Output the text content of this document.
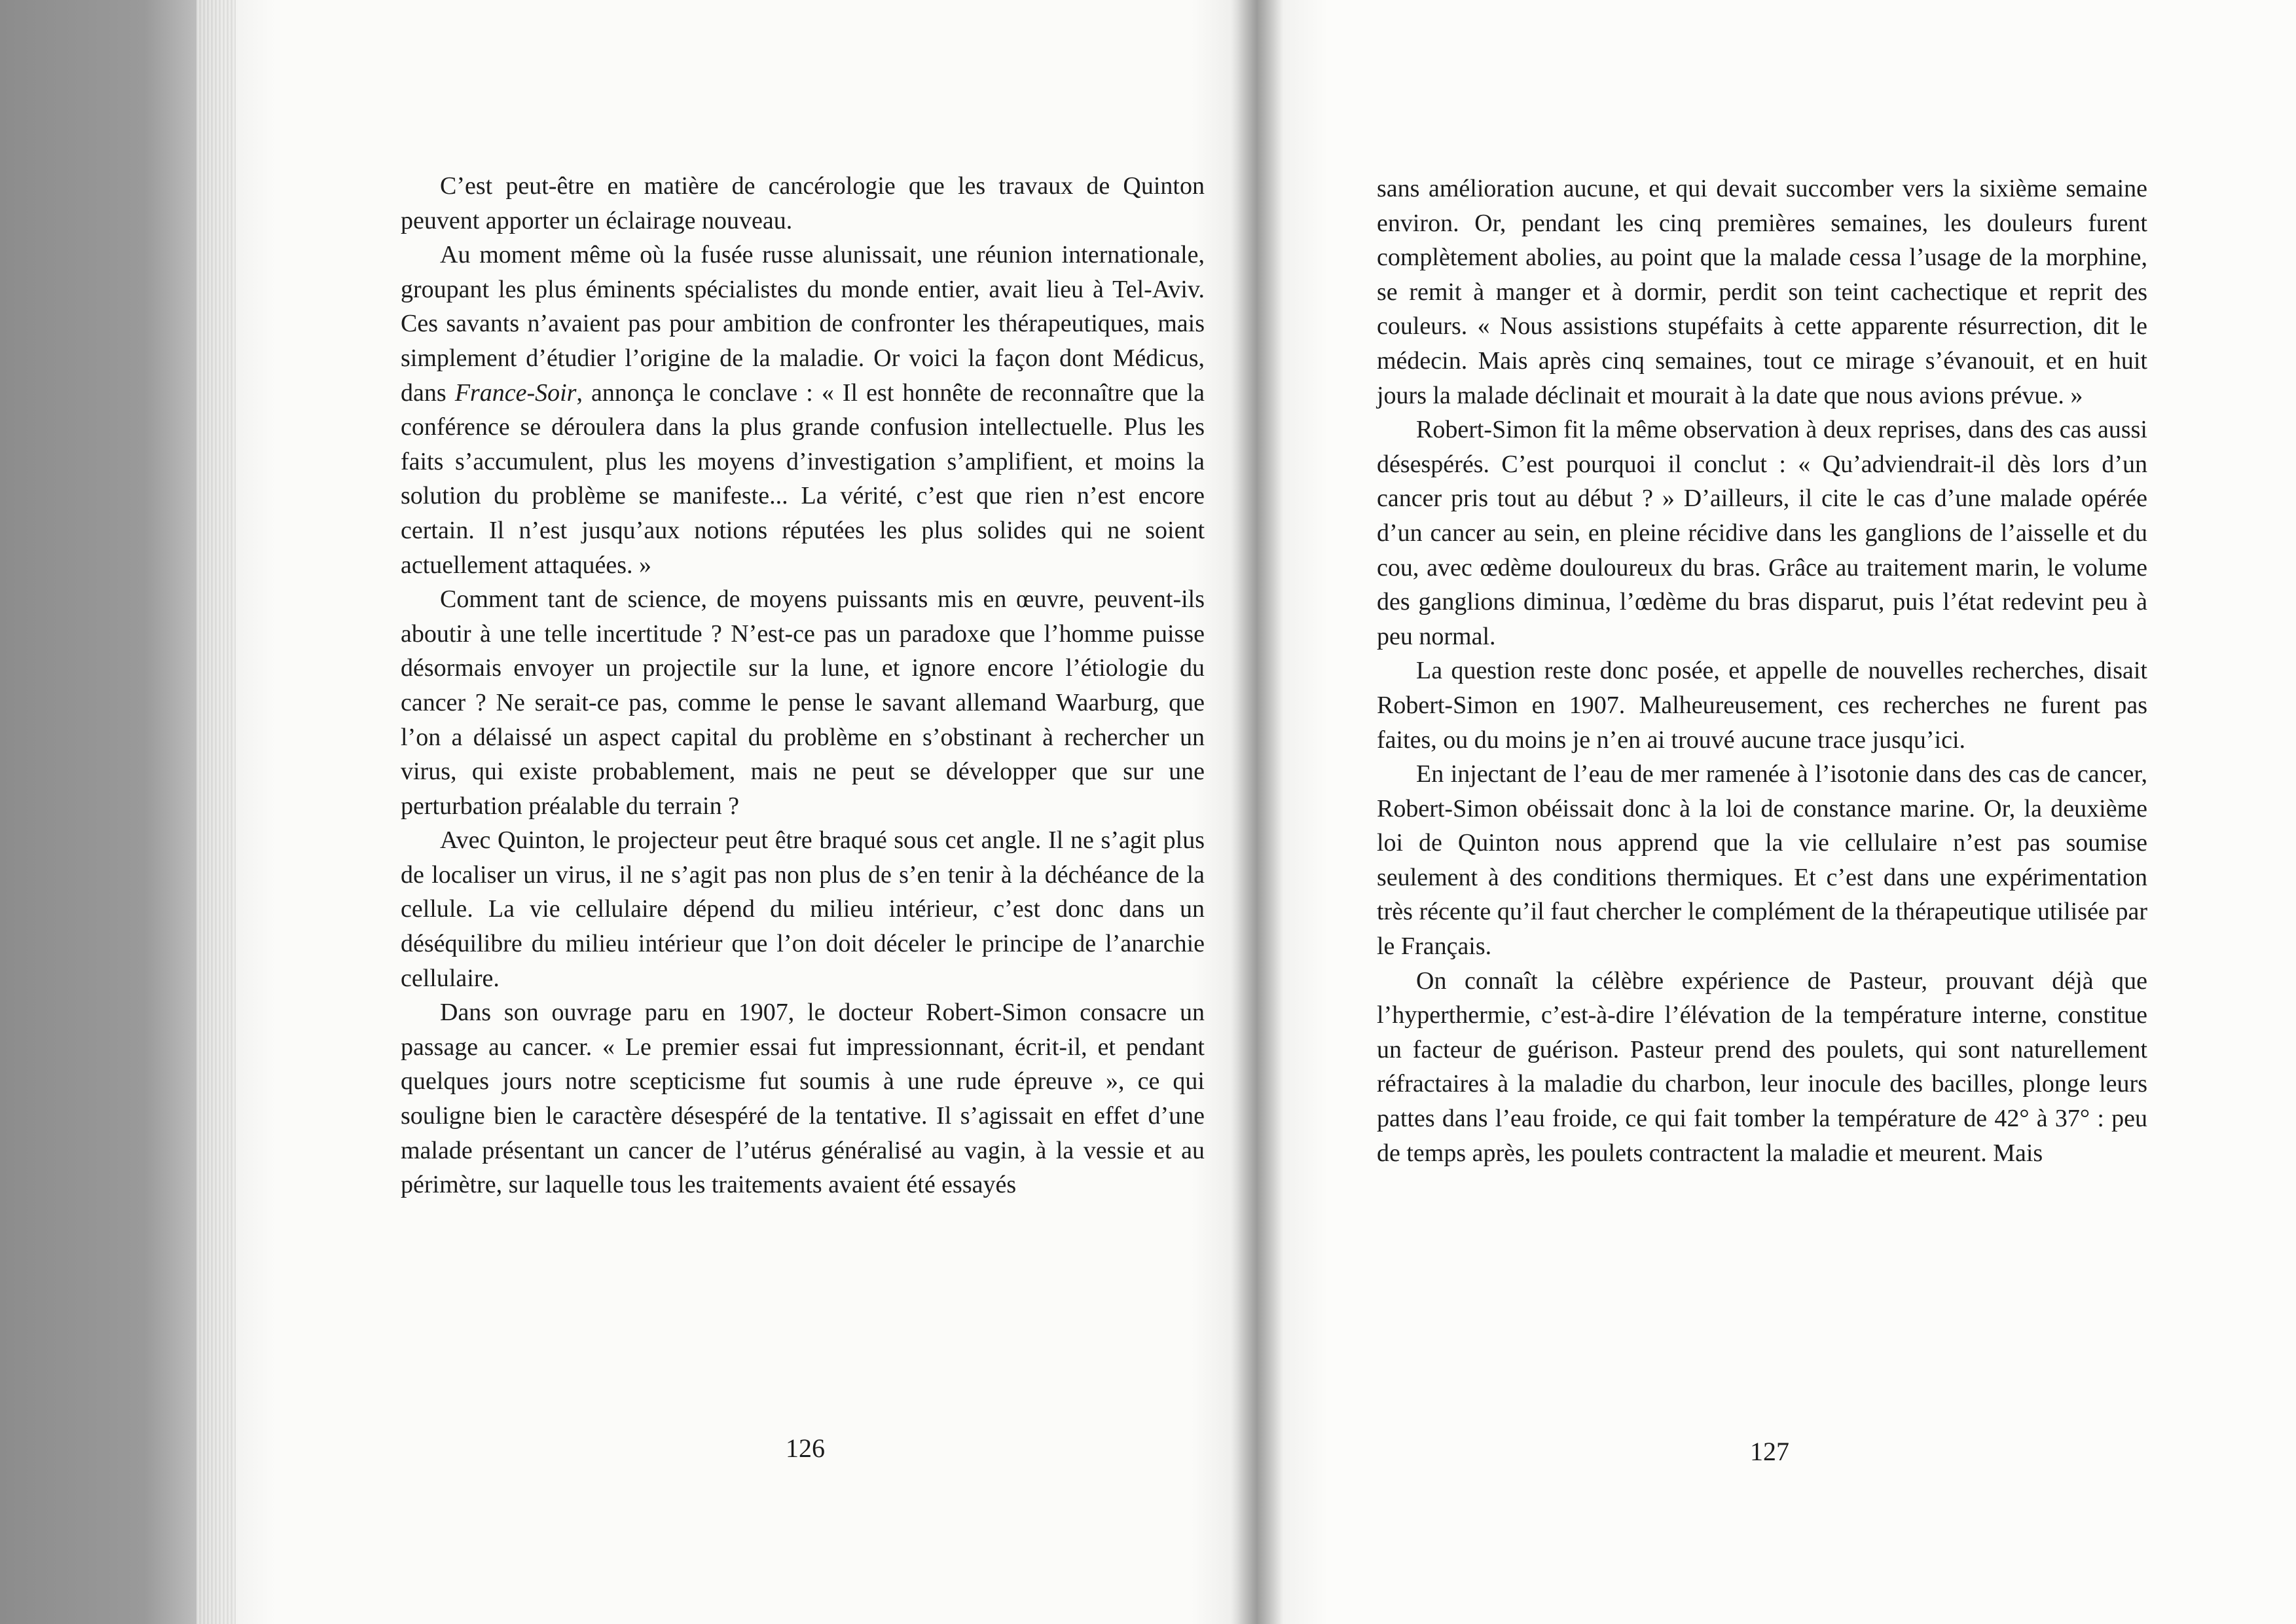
C’est peut-être en matière de cancérologie que les travaux de Quinton peuvent apporter un éclairage nouveau.

Au moment même où la fusée russe alunissait, une réunion internationale, groupant les plus éminents spécialistes du monde entier, avait lieu à Tel-Aviv. Ces savants n’avaient pas pour ambition de confronter les thérapeutiques, mais simplement d’étudier l’origine de la maladie. Or voici la façon dont Médicus, dans France-Soir, annonça le conclave : « Il est honnête de reconnaître que la conférence se déroulera dans la plus grande confusion intellectuelle. Plus les faits s’accumulent, plus les moyens d’investigation s’amplifient, et moins la solution du problème se manifeste... La vérité, c’est que rien n’est encore certain. Il n’est jusqu’aux notions réputées les plus solides qui ne soient actuellement attaquées. »

Comment tant de science, de moyens puissants mis en œuvre, peuvent-ils aboutir à une telle incertitude ? N’est-ce pas un paradoxe que l’homme puisse désormais envoyer un projectile sur la lune, et ignore encore l’étiologie du cancer ? Ne serait-ce pas, comme le pense le savant allemand Waarburg, que l’on a délaissé un aspect capital du problème en s’obstinant à rechercher un virus, qui existe probablement, mais ne peut se développer que sur une perturbation préalable du terrain ?

Avec Quinton, le projecteur peut être braqué sous cet angle. Il ne s’agit plus de localiser un virus, il ne s’agit pas non plus de s’en tenir à la déchéance de la cellule. La vie cellulaire dépend du milieu intérieur, c’est donc dans un déséquilibre du milieu intérieur que l’on doit déceler le principe de l’anarchie cellulaire.

Dans son ouvrage paru en 1907, le docteur Robert-Simon consacre un passage au cancer. « Le premier essai fut impressionnant, écrit-il, et pendant quelques jours notre scepticisme fut soumis à une rude épreuve », ce qui souligne bien le caractère désespéré de la tentative. Il s’agissait en effet d’une malade présentant un cancer de l’utérus généralisé au vagin, à la vessie et au périmètre, sur laquelle tous les traitements avaient été essayés

126

sans amélioration aucune, et qui devait succomber vers la sixième semaine environ. Or, pendant les cinq premières semaines, les douleurs furent complètement abolies, au point que la malade cessa l’usage de la morphine, se remit à manger et à dormir, perdit son teint cachectique et reprit des couleurs. « Nous assistions stupéfaits à cette apparente résurrection, dit le médecin. Mais après cinq semaines, tout ce mirage s’évanouit, et en huit jours la malade déclinait et mourait à la date que nous avions prévue. »

Robert-Simon fit la même observation à deux reprises, dans des cas aussi désespérés. C’est pourquoi il conclut : « Qu’adviendrait-il dès lors d’un cancer pris tout au début ? » D’ailleurs, il cite le cas d’une malade opérée d’un cancer au sein, en pleine récidive dans les ganglions de l’aisselle et du cou, avec œdème douloureux du bras. Grâce au traitement marin, le volume des ganglions diminua, l’œdème du bras disparut, puis l’état redevint peu à peu normal.

La question reste donc posée, et appelle de nouvelles recherches, disait Robert-Simon en 1907. Malheureusement, ces recherches ne furent pas faites, ou du moins je n’en ai trouvé aucune trace jusqu’ici.

En injectant de l’eau de mer ramenée à l’isotonie dans des cas de cancer, Robert-Simon obéissait donc à la loi de constance marine. Or, la deuxième loi de Quinton nous apprend que la vie cellulaire n’est pas soumise seulement à des conditions thermiques. Et c’est dans une expérimentation très récente qu’il faut chercher le complément de la thérapeutique utilisée par le Français.

On connaît la célèbre expérience de Pasteur, prouvant déjà que l’hyperthermie, c’est-à-dire l’élévation de la température interne, constitue un facteur de guérison. Pasteur prend des poulets, qui sont naturellement réfractaires à la maladie du charbon, leur inocule des bacilles, plonge leurs pattes dans l’eau froide, ce qui fait tomber la température de 42° à 37° : peu de temps après, les poulets contractent la maladie et meurent. Mais

127
